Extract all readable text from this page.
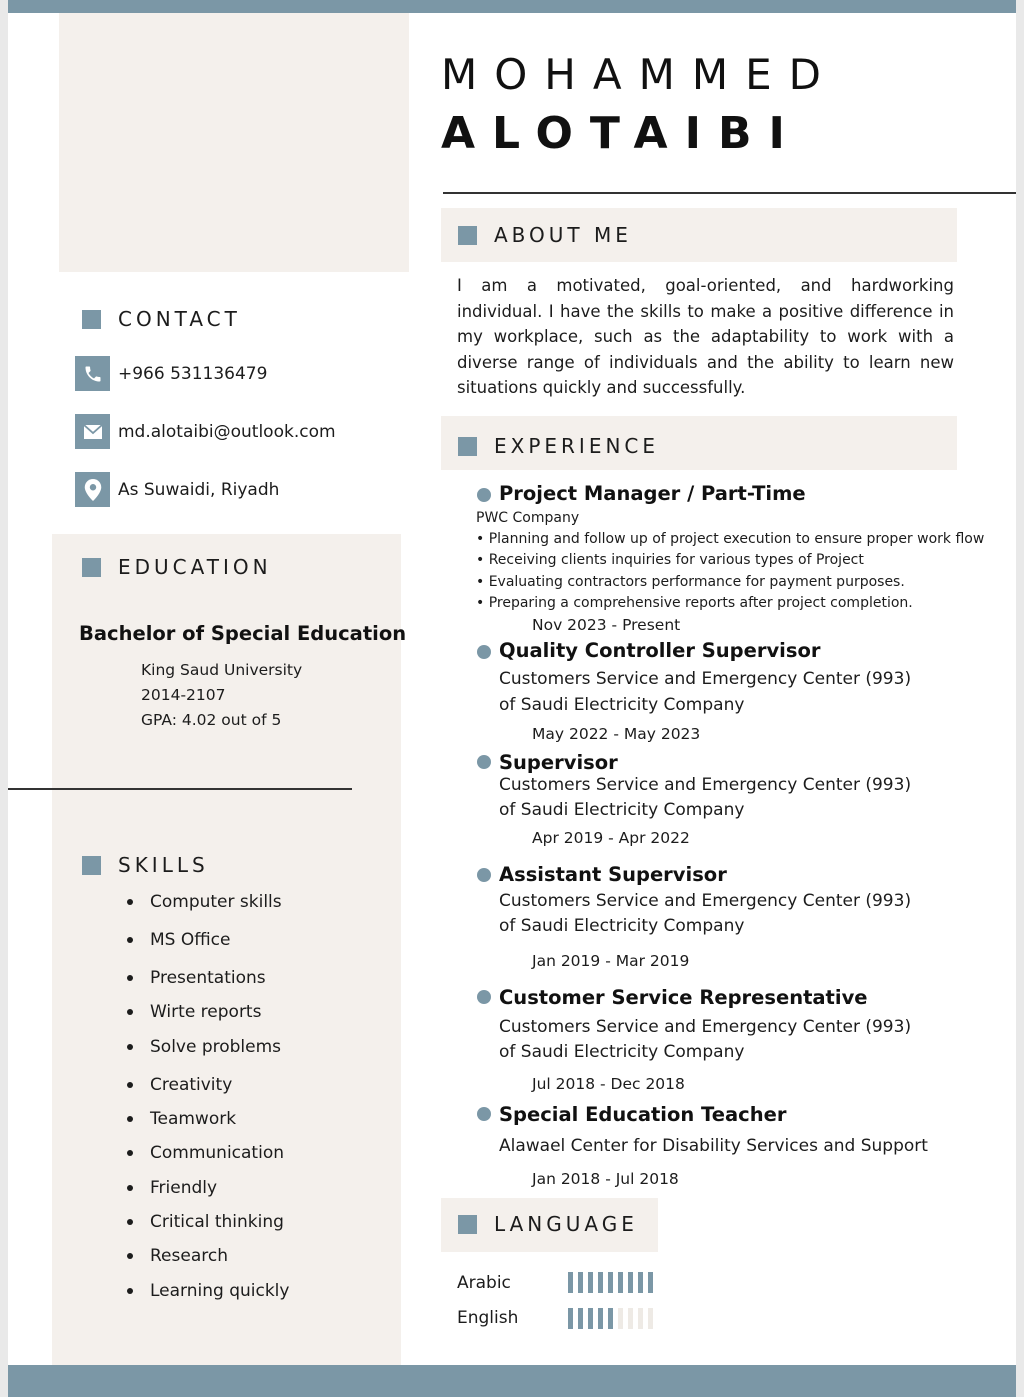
MOHAMMED
ALOTAIBI
CONTACT
+966 531136479
md.alotaibi@outlook.com
As Suwaidi, Riyadh
EDUCATION
Bachelor of Special Education
King Saud University
2014-2107
GPA: 4.02 out of 5
SKILLS
Computer skills
MS Office
Presentations
Wirte reports
Solve problems
Creativity
Teamwork
Communication
Friendly
Critical thinking
Research
Learning quickly
ABOUT ME
I am a motivated, goal-oriented, and hardworking individual. I have the skills to make a positive difference in my workplace, such as the adaptability to work with a diverse range of individuals and the ability to learn new situations quickly and successfully.
EXPERIENCE
Project Manager / Part-Time
PWC Company
• Planning and follow up of project execution to ensure proper work flow
• Receiving clients inquiries for various types of Project
• Evaluating contractors performance for payment purposes.
• Preparing a comprehensive reports after project completion.
Nov 2023 - Present
Quality Controller Supervisor
Customers Service and Emergency Center (993)
of Saudi Electricity Company
May 2022 - May 2023
Supervisor
Customers Service and Emergency Center (993)
of Saudi Electricity Company
Apr 2019 - Apr 2022
Assistant Supervisor
Customers Service and Emergency Center (993)
of Saudi Electricity Company
Jan 2019 - Mar 2019
Customer Service Representative
Customers Service and Emergency Center (993)
of Saudi Electricity Company
Jul 2018 - Dec 2018
Special Education Teacher
Alawael Center for Disability Services and Support
Jan 2018 - Jul 2018
LANGUAGE
Arabic
English
